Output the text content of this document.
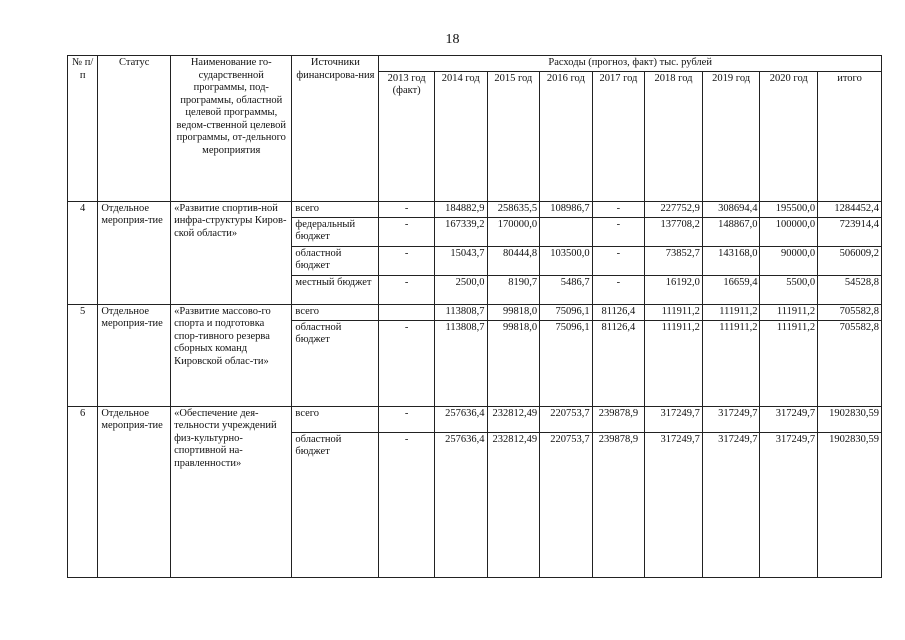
18
№ п/п	Статус	Наименование го-сударственной программы, под-программы, областной целевой программы, ведом-ственной целевой программы, от-дельного мероприятия	Источники финансирова-ния	Расходы (прогноз, факт) тыс. рублей								
				2013 год (факт)	2014 год	2015 год	2016 год	2017 год	2018 год	2019 год	2020 год	итого
4	Отдельное мероприя-тие	«Развитие спортив-ной инфра-структуры Киров-ской области»	всего	-	184882,9	258635,5	108986,7	-	227752,9	308694,4	195500,0	1284452,4
			федеральный бюджет	-	167339,2	170000,0		-	137708,2	148867,0	100000,0	723914,4
			областной бюджет	-	15043,7	80444,8	103500,0	-	73852,7	143168,0	90000,0	506009,2
			местный бюджет	-	2500,0	8190,7	5486,7	-	16192,0	16659,4	5500,0	54528,8
5	Отдельное мероприя-тие	«Развитие массово-го спорта и подготовка спор-тивного резерва сборных команд Кировской облас-ти»	всего		113808,7	99818,0	75096,1	81126,4	111911,2	111911,2	111911,2	705582,8
			областной бюджет	-	113808,7	99818,0	75096,1	81126,4	111911,2	111911,2	111911,2	705582,8
6	Отдельное мероприя-тие	«Обеспечение дея-тельности учреждений физ-культурно-спортивной на-правленности»	всего	-	257636,4	232812,49	220753,7	239878,9	317249,7	317249,7	317249,7	1902830,59
			областной бюджет	-	257636,4	232812,49	220753,7	239878,9	317249,7	317249,7	317249,7	1902830,59
